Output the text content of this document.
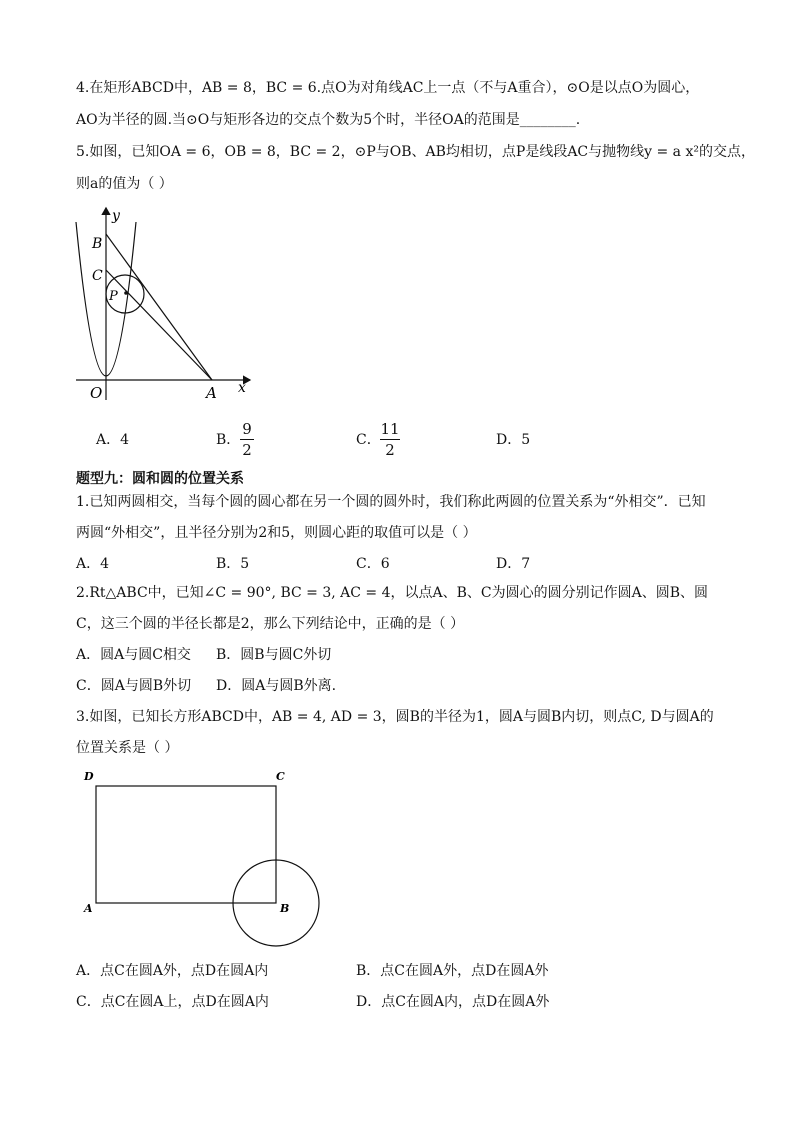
4.在矩形ABCD中，AB = 8，BC = 6.点O为对角线AC上一点（不与A重合），⊙O是以点O为圆心，
AO为半径的圆.当⊙O与矩形各边的交点个数为5个时，半径OA的范围是________.
5.如图，已知OA = 6，OB = 8，BC = 2，⊙P与OB、AB均相切，点P是线段AC与抛物线y = a x²的交点，
则a的值为（ ）
y
B
C
P
O	A x
A．4	B．
9
2
C．
11
2
D．5
题型九：圆和圆的位置关系
1.已知两圆相交，当每个圆的圆心都在另一个圆的圆外时，我们称此两圆的位置关系为“外相交”．已知
两圆“外相交”，且半径分别为2和5，则圆心距的取值可以是（ ）
A．4	B．5	C．6	D．7
2.Rt△ABC中，已知∠C = 90°, BC = 3, AC = 4，以点A、B、C为圆心的圆分别记作圆A、圆B、圆
C，这三个圆的半径长都是2，那么下列结论中，正确的是（ ）
A．圆A与圆C相交 B．圆B与圆C外切
C．圆A与圆B外切 D．圆A与圆B外离.
3.如图，已知长方形ABCD中，AB = 4, AD = 3，圆B的半径为1，圆A与圆B内切，则点C, D与圆A的
位置关系是（ ）
D	C
A	B
A．点C在圆A外，点D在圆A内	B．点C在圆A外，点D在圆A外
C．点C在圆A上，点D在圆A内	D．点C在圆A内，点D在圆A外
